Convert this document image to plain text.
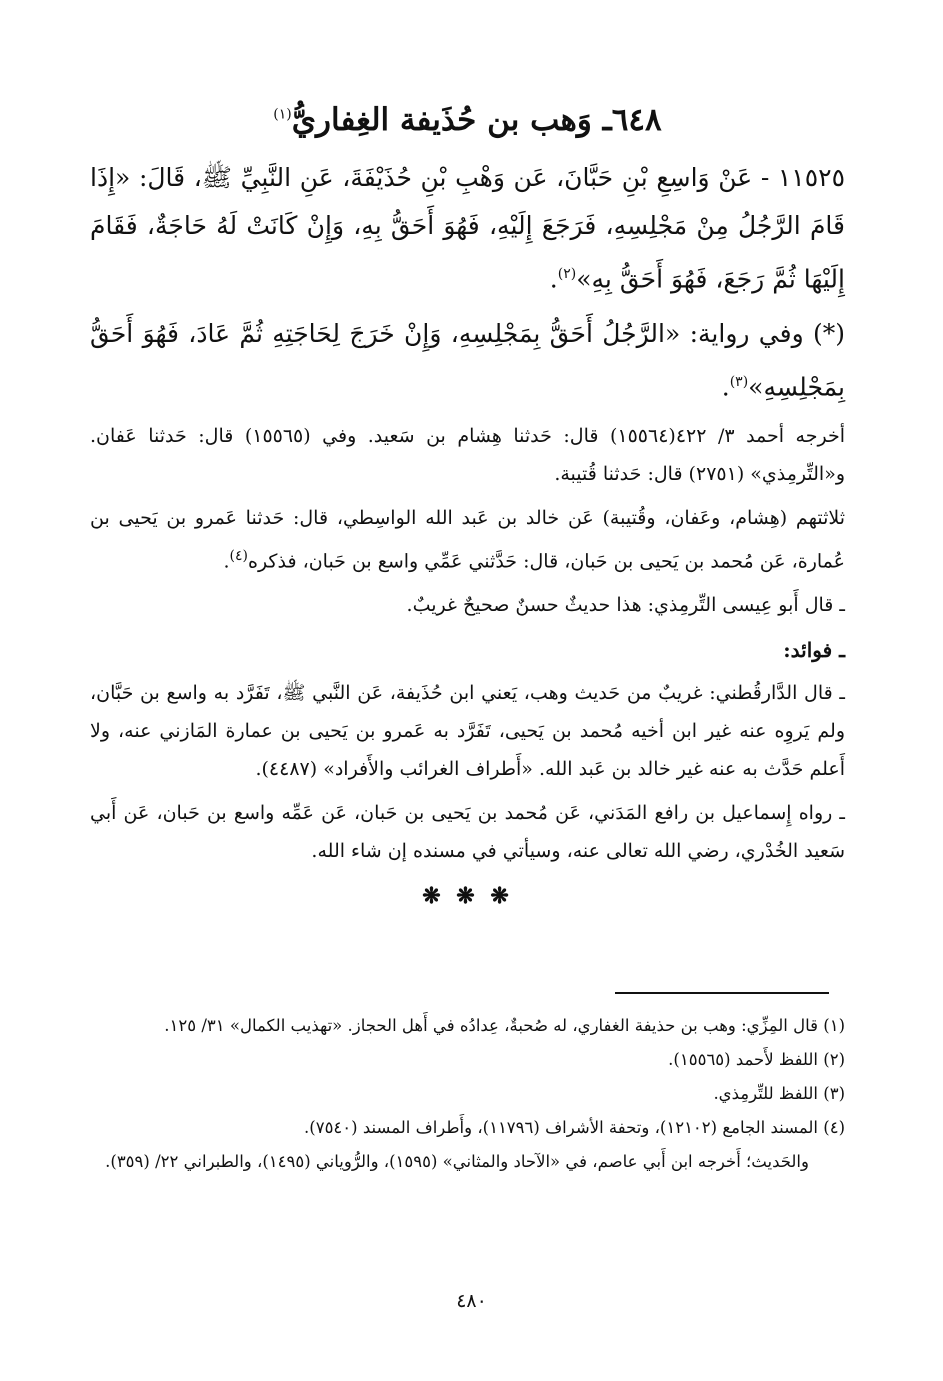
٦٤٨ـ وَهب بن حُذَيفة الغِفاريُّ$^{(١)}$

١١٥٢٥ - عَنْ وَاسِعِ بْنِ حَبَّانَ، عَن وَهْبِ بْنِ حُذَيْفَةَ، عَنِ النَّبِيِّ ﷺ، قَالَ: «إِذَا قَامَ الرَّجُلُ مِنْ مَجْلِسِهِ، فَرَجَعَ إِلَيْهِ، فَهُوَ أَحَقُّ بِهِ، وَإِنْ كَانَتْ لَهُ حَاجَةٌ، فَقَامَ إِلَيْهَا ثُمَّ رَجَعَ، فَهُوَ أَحَقُّ بِهِ»$^{(٢)}$.

(*) وفي رواية: «الرَّجُلُ أَحَقُّ بِمَجْلِسِهِ، وَإِنْ خَرَجَ لِحَاجَتِهِ ثُمَّ عَادَ، فَهُوَ أَحَقُّ بِمَجْلِسِهِ»$^{(٣)}$.

أخرجه أحمد ٣/ ٤٢٢(١٥٥٦٤) قال: حَدثنا هِشام بن سَعيد. وفي (١٥٥٦٥) قال: حَدثنا عَفان. و«التِّرمِذي» (٢٧٥١) قال: حَدثنا قُتيبة.

ثلاثتهم (هِشام، وعَفان، وقُتيبة) عَن خالد بن عَبد الله الواسِطي، قال: حَدثنا عَمرو بن يَحيى بن عُمارة، عَن مُحمد بن يَحيى بن حَبان، قال: حَدَّثني عَمِّي واسع بن حَبان، فذكره$^{(٤)}$.

ـ قال أَبو عِيسى التِّرمِذي: هذا حديثٌ حسنٌ صحيحٌ غريبٌ.

ـ فوائد:

ـ قال الدَّارقُطني: غريبٌ من حَديث وهب، يَعني ابن حُذَيفة، عَن النَّبي ﷺ، تَفَرَّد به واسع بن حَبَّان، ولم يَروِه عنه غير ابن أخيه مُحمد بن يَحيى، تَفَرَّد به عَمرو بن يَحيى بن عمارة المَازني عنه، ولا أَعلم حَدَّث به عنه غير خالد بن عَبد الله. «أَطراف الغرائب والأَفراد» (٤٤٨٧).

ـ رواه إِسماعيل بن رافع المَدَني، عَن مُحمد بن يَحيى بن حَبان، عَن عَمِّه واسع بن حَبان، عَن أَبي سَعيد الخُدْري، رضي الله تعالى عنه، وسيأتي في مسنده إن شاء الله.

❋ ❋ ❋

(١) قال المِزِّي: وهب بن حذيفة الغفاري، له صُحبةٌ، عِدادُه في أَهل الحجاز. «تهذيب الكمال» ٣١/ ١٢٥.

(٢) اللفظ لأَحمد (١٥٥٦٥).

(٣) اللفظ للتِّرمِذي.

(٤) المسند الجامع (١٢١٠٢)، وتحفة الأشراف (١١٧٩٦)، وأَطراف المسند (٧٥٤٠).

والحَديث؛ أَخرجه ابن أَبي عاصم، في «الآحاد والمثاني» (١٥٩٥)، والرُّوياني (١٤٩٥)، والطبراني ٢٢/ (٣٥٩).

٤٨٠
